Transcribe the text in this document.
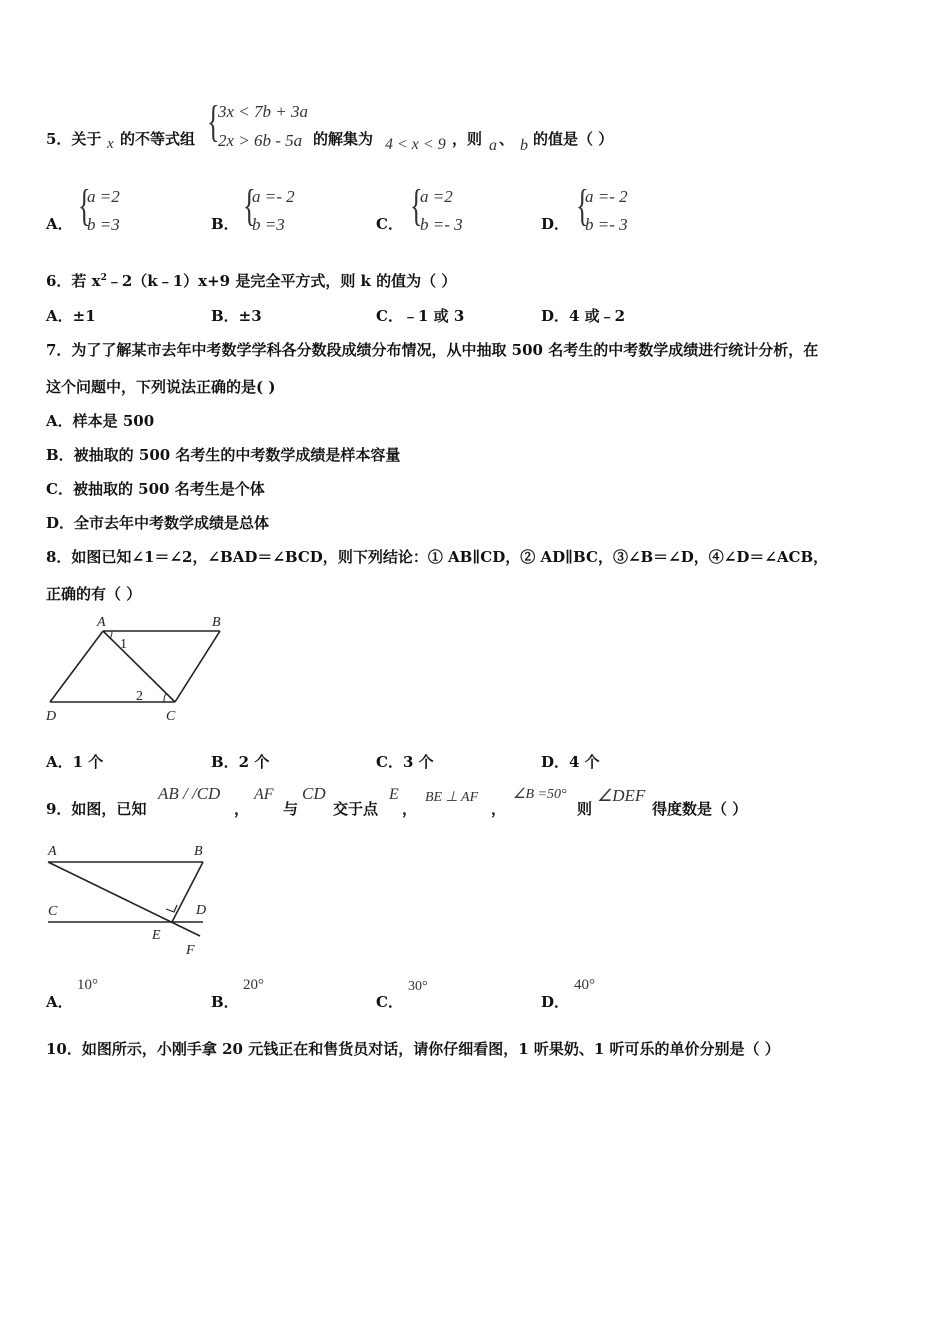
5．关于 x 的不等式组 {
3x < 7b + 3a
2x > 6b - 5a 的解集为 4 < x < 9 ，则 a 、 b 的值是（ ）
A． {
a =2
b =3	B． {
a =- 2
b =3	C． {
a =2
b =- 3	D． {
a =- 2
b =- 3
6．若 $x^2﹣2(k﹣1)x+9$ 是完全平方式，则 k 的值为（ ）
A．±1	B．±3	C．﹣1 或 3	D．4 或﹣2
7．为了了解某市去年中考数学学科各分数段成绩分布情况，从中抽取 500 名考生的中考数学成绩进行统计分析，在
这个问题中，下列说法正确的是( )
A．样本是 500
B．被抽取的 500 名考生的中考数学成绩是样本容量
C．被抽取的 500 名考生是个体
D．全市去年中考数学成绩是总体
8．如图已知∠1＝∠2，∠BAD＝∠BCD，则下列结论：① AB∥CD，② AD∥BC，③∠B＝∠D，④∠D＝∠ACB，
正确的有（ ）
A	B
D	C
1
2
A．1 个	B．2 个	C．3 个	D．4 个
9．如图，已知
AB / /CD
，
AF
与
CD
交于点
E
，
BE ⊥ AF
，
∠B =50°
则
∠DEF
得度数是（ ）
A	B
C	D
E
F
A．
10°
B．
20°
C．
30°
D．
40°
10．如图所示，小刚手拿 20 元钱正在和售货员对话，请你仔细看图，1 听果奶、1 听可乐的单价分别是（ ）
